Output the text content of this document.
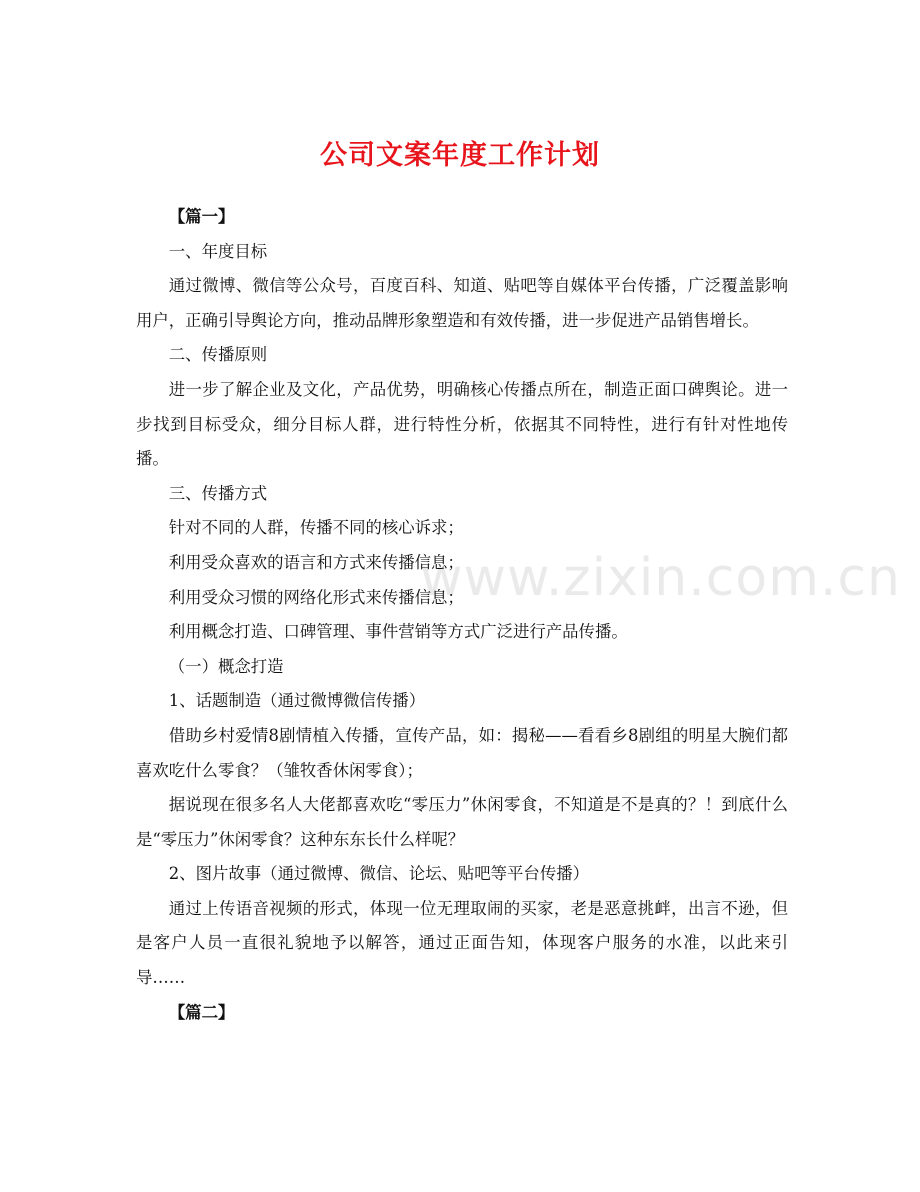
www.zixin.com.cn
公司文案年度工作计划

【篇一】

一、年度目标

通过微博、微信等公众号，百度百科、知道、贴吧等自媒体平台传播，广泛覆盖影响用户，正确引导舆论方向，推动品牌形象塑造和有效传播，进一步促进产品销售增长。

二、传播原则

进一步了解企业及文化，产品优势，明确核心传播点所在，制造正面口碑舆论。进一步找到目标受众，细分目标人群，进行特性分析，依据其不同特性，进行有针对性地传播。

三、传播方式

针对不同的人群，传播不同的核心诉求；

利用受众喜欢的语言和方式来传播信息；

利用受众习惯的网络化形式来传播信息；

利用概念打造、口碑管理、事件营销等方式广泛进行产品传播。

（一）概念打造

1、话题制造（通过微博微信传播）

借助乡村爱情8剧情植入传播，宣传产品，如：揭秘——看看乡8剧组的明星大腕们都喜欢吃什么零食？（雏牧香休闲零食）；

据说现在很多名人大佬都喜欢吃“零压力”休闲零食，不知道是不是真的？！到底什么是“零压力”休闲零食？这种东东长什么样呢？

2、图片故事（通过微博、微信、论坛、贴吧等平台传播）

通过上传语音视频的形式，体现一位无理取闹的买家，老是恶意挑衅，出言不逊，但是客户人员一直很礼貌地予以解答，通过正面告知，体现客户服务的水准，以此来引导……

【篇二】
